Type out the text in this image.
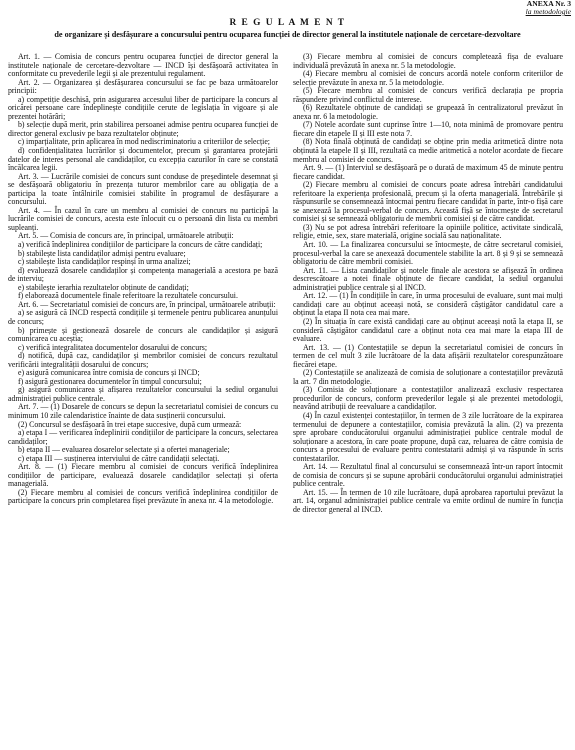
ANEXA Nr. 3
la metodologie
R E G U L A M E N T
de organizare și desfășurare a concursului pentru ocuparea funcției de director general la institutele naționale de cercetare-dezvoltare

Art. 1. — Comisia de concurs pentru ocuparea funcției de director general la institutele naționale de cercetare-dezvoltare — INCD își desfășoară activitatea în conformitate cu prevederile legii și ale prezentului regulament.

Art. 2. — Organizarea și desfășurarea concursului se fac pe baza următoarelor principii:

a) competiție deschisă, prin asigurarea accesului liber de participare la concurs al oricărei persoane care îndeplinește condițiile cerute de legislația în vigoare și ale prezentei hotărâri;

b) selecție după merit, prin stabilirea persoanei admise pentru ocuparea funcției de director general exclusiv pe baza rezultatelor obținute;

c) imparțialitate, prin aplicarea în mod nediscriminatoriu a criteriilor de selecție;

d) confidențialitatea lucrărilor și documentelor, precum și garantarea protejării datelor de interes personal ale candidaților, cu excepția cazurilor în care se constată încălcarea legii.

Art. 3. — Lucrările comisiei de concurs sunt conduse de președintele desemnat și se desfășoară obligatoriu în prezența tuturor membrilor care au obligația de a participa la toate întâlnirile comisiei stabilite în programul de desfășurare a concursului.

Art. 4. — În cazul în care un membru al comisiei de concurs nu participă la lucrările comisiei de concurs, acesta este înlocuit cu o persoană din lista cu membri supleanți.

Art. 5. — Comisia de concurs are, în principal, următoarele atribuții:

a) verifică îndeplinirea condițiilor de participare la concurs de către candidați;

b) stabilește lista candidaților admiși pentru evaluare;

c) stabilește lista candidaților respinși în urma analizei;

d) evaluează dosarele candidaților și competența managerială a acestora pe bază de interviu;

e) stabilește ierarhia rezultatelor obținute de candidați;

f) elaborează documentele finale referitoare la rezultatele concursului.

Art. 6. — Secretariatul comisiei de concurs are, în principal, următoarele atribuții:

a) se asigură că INCD respectă condițiile și termenele pentru publicarea anunțului de concurs;

b) primește și gestionează dosarele de concurs ale candidaților și asigură comunicarea cu aceștia;

c) verifică integralitatea documentelor dosarului de concurs;

d) notifică, după caz, candidaților și membrilor comisiei de concurs rezultatul verificării integralității dosarului de concurs;

e) asigură comunicarea între comisia de concurs și INCD;

f) asigură gestionarea documentelor în timpul concursului;

g) asigură comunicarea și afișarea rezultatelor concursului la sediul organului administrației publice centrale.

Art. 7. — (1) Dosarele de concurs se depun la secretariatul comisiei de concurs cu minimum 10 zile calendaristice înainte de data susținerii concursului.

(2) Concursul se desfășoară în trei etape succesive, după cum urmează:

a) etapa I — verificarea îndeplinirii condițiilor de participare la concurs, selectarea candidaților;

b) etapa II — evaluarea dosarelor selectate și a ofertei manageriale;

c) etapa III — susținerea interviului de către candidații selectați.

Art. 8. — (1) Fiecare membru al comisiei de concurs verifică îndeplinirea condițiilor de participare, evaluează dosarele candidaților selectați și oferta managerială.

(2) Fiecare membru al comisiei de concurs verifică îndeplinirea condițiilor de participare la concurs prin completarea fișei prevăzute în anexa nr. 4 la metodologie.

(3) Fiecare membru al comisiei de concurs completează fișa de evaluare individuală prevăzută în anexa nr. 5 la metodologie.

(4) Fiecare membru al comisiei de concurs acordă notele conform criteriilor de selecție prevăzute în anexa nr. 5 la metodologie.

(5) Fiecare membru al comisiei de concurs verifică declarația pe propria răspundere privind conflictul de interese.

(6) Rezultatele obținute de candidați se grupează în centralizatorul prevăzut în anexa nr. 6 la metodologie.

(7) Notele acordate sunt cuprinse între 1—10, nota minimă de promovare pentru fiecare din etapele II și III este nota 7.

(8) Nota finală obținută de candidați se obține prin media aritmetică dintre nota obținută la etapele II și III, rezultată ca medie aritmetică a notelor acordate de fiecare membru al comisiei de concurs.

Art. 9. — (1) Interviul se desfășoară pe o durată de maximum 45 de minute pentru fiecare candidat.

(2) Fiecare membru al comisiei de concurs poate adresa întrebări candidatului referitoare la experiența profesională, precum și la oferta managerială. Întrebările și răspunsurile se consemnează întocmai pentru fiecare candidat în parte, într-o fișă care se anexează la procesul-verbal de concurs. Această fișă se întocmește de secretarul comisiei și se semnează obligatoriu de membrii comisiei și de către candidat.

(3) Nu se pot adresa întrebări referitoare la opiniile politice, activitate sindicală, religie, etnie, sex, stare materială, origine socială sau naționalitate.

Art. 10. — La finalizarea concursului se întocmește, de către secretarul comisiei, procesul-verbal la care se anexează documentele stabilite la art. 8 și 9 și se semnează obligatoriu de către membrii comisiei.

Art. 11. — Lista candidaților și notele finale ale acestora se afișează în ordinea descrescătoare a notei finale obținute de fiecare candidat, la sediul organului administrației publice centrale și al INCD.

Art. 12. — (1) În condițiile în care, în urma procesului de evaluare, sunt mai mulți candidați care au obținut aceeași notă, se consideră câștigător candidatul care a obținut la etapa II nota cea mai mare.

(2) În situația în care există candidați care au obținut aceeași notă la etapa II, se consideră câștigător candidatul care a obținut nota cea mai mare la etapa III de evaluare.

Art. 13. — (1) Contestațiile se depun la secretariatul comisiei de concurs în termen de cel mult 3 zile lucrătoare de la data afișării rezultatelor corespunzătoare fiecărei etape.

(2) Contestațiile se analizează de comisia de soluționare a contestațiilor prevăzută la art. 7 din metodologie.

(3) Comisia de soluționare a contestațiilor analizează exclusiv respectarea procedurilor de concurs, conform prevederilor legale și ale prezentei metodologii, neavând atribuții de reevaluare a candidaților.

(4) În cazul existenței contestațiilor, în termen de 3 zile lucrătoare de la expirarea termenului de depunere a contestațiilor, comisia prevăzută la alin. (2) va prezenta spre aprobare conducătorului organului administrației publice centrale modul de soluționare a acestora, în care poate propune, după caz, reluarea de către comisia de concurs a procesului de evaluare pentru contestatarii admiși și va răspunde în scris contestatarilor.

Art. 14. — Rezultatul final al concursului se consemnează într-un raport întocmit de comisia de concurs și se supune aprobării conducătorului organului administrației publice centrale.

Art. 15. — În termen de 10 zile lucrătoare, după aprobarea raportului prevăzut la art. 14, organul administrației publice centrale va emite ordinul de numire în funcția de director general al INCD.
